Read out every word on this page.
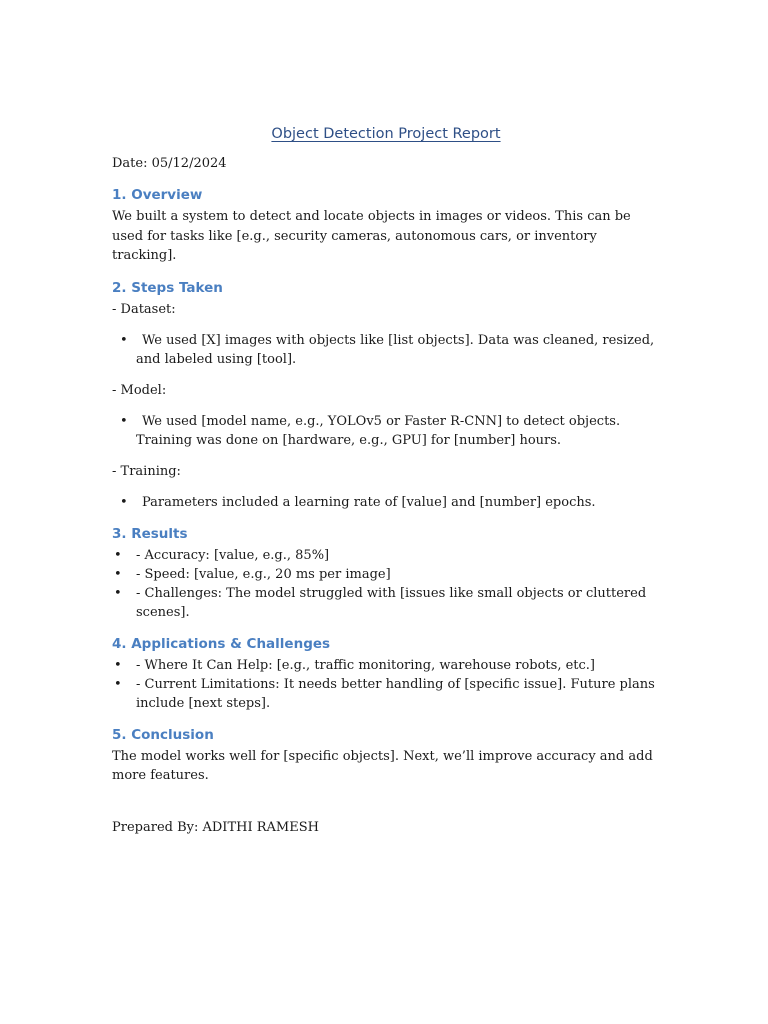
Object Detection Project Report

Date: 05/12/2024

1. Overview

We built a system to detect and locate objects in images or videos. This can be used for tasks like [e.g., security cameras, autonomous cars, or inventory tracking].

2. Steps Taken

- Dataset:

• We used [X] images with objects like [list objects]. Data was cleaned, resized, and labeled using [tool].

- Model:

• We used [model name, e.g., YOLOv5 or Faster R-CNN] to detect objects. Training was done on [hardware, e.g., GPU] for [number] hours.

- Training:

• Parameters included a learning rate of [value] and [number] epochs.
3. Results
• - Accuracy: [value, e.g., 85%]
• - Speed: [value, e.g., 20 ms per image]
• - Challenges: The model struggled with [issues like small objects or cluttered scenes].
4. Applications & Challenges
• - Where It Can Help: [e.g., traffic monitoring, warehouse robots, etc.]
• - Current Limitations: It needs better handling of [specific issue]. Future plans include [next steps].
5. Conclusion

The model works well for [specific objects]. Next, we’ll improve accuracy and add more features.

Prepared By: ADITHI RAMESH
